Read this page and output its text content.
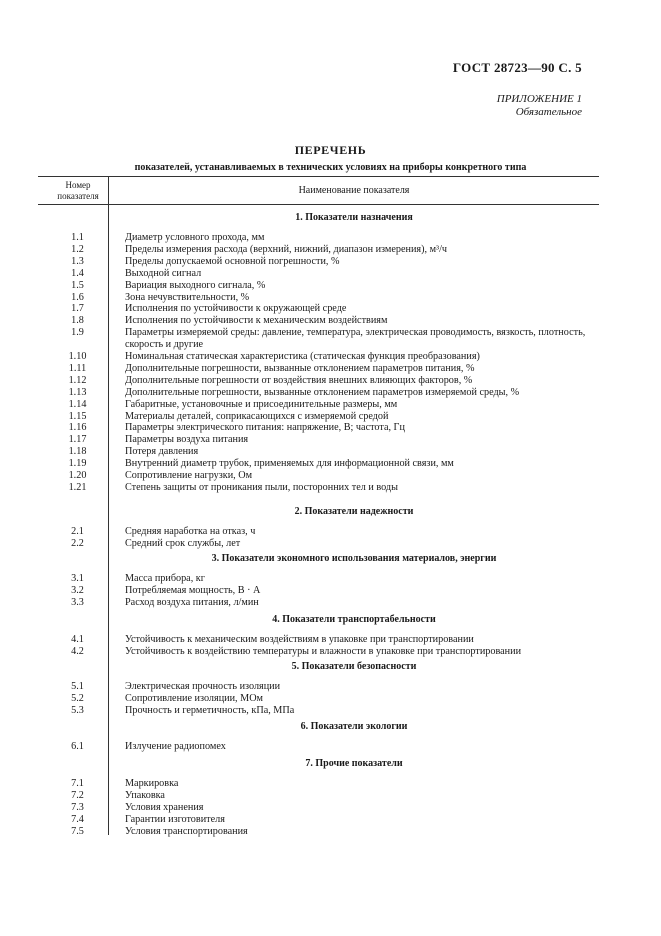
ГОСТ 28723—90 С. 5
ПРИЛОЖЕНИЕ 1
Обязательное
ПЕРЕЧЕНЬ
показателей, устанавливаемых в технических условиях на приборы конкретного типа
Номер
показателя	Наименование показателя
1. Показатели назначения
1.1	Диаметр условного прохода, мм
1.2	Пределы измерения расхода (верхний, нижний, диапазон измерения), м³/ч
1.3	Пределы допускаемой основной погрешности, %
1.4	Выходной сигнал
1.5	Вариация выходного сигнала, %
1.6	Зона нечувствительности, %
1.7	Исполнения по устойчивости к окружающей среде
1.8	Исполнения по устойчивости к механическим воздействиям
1.9	Параметры измеряемой среды: давление, температура, электрическая проводимость, вязкость, плотность, скорость и другие
1.10	Номинальная статическая характеристика (статическая функция преобразования)
1.11	Дополнительные погрешности, вызванные отклонением параметров питания, %
1.12	Дополнительные погрешности от воздействия внешних влияющих факторов, %
1.13	Дополнительные погрешности, вызванные отклонением параметров измеряемой среды, %
1.14	Габаритные, установочные и присоединительные размеры, мм
1.15	Материалы деталей, соприкасающихся с измеряемой средой
1.16	Параметры электрического питания: напряжение, В; частота, Гц
1.17	Параметры воздуха питания
1.18	Потеря давления
1.19	Внутренний диаметр трубок, применяемых для информационной связи, мм
1.20	Сопротивление нагрузки, Ом
1.21	Степень защиты от проникания пыли, посторонних тел и воды
2. Показатели надежности
2.1	Средняя наработка на отказ, ч
2.2	Средний срок службы, лет
3. Показатели экономного использования материалов, энергии
3.1	Масса прибора, кг
3.2	Потребляемая мощность, В · А
3.3	Расход воздуха питания, л/мин
4. Показатели транспортабельности
4.1	Устойчивость к механическим воздействиям в упаковке при транспортировании
4.2	Устойчивость к воздействию температуры и влажности в упаковке при транспортировании
5. Показатели безопасности
5.1	Электрическая прочность изоляции
5.2	Сопротивление изоляции, МОм
5.3	Прочность и герметичность, кПа, МПа
6. Показатели экологии
6.1	Излучение радиопомех
7. Прочие показатели
7.1	Маркировка
7.2	Упаковка
7.3	Условия хранения
7.4	Гарантии изготовителя
7.5	Условия транспортирования
